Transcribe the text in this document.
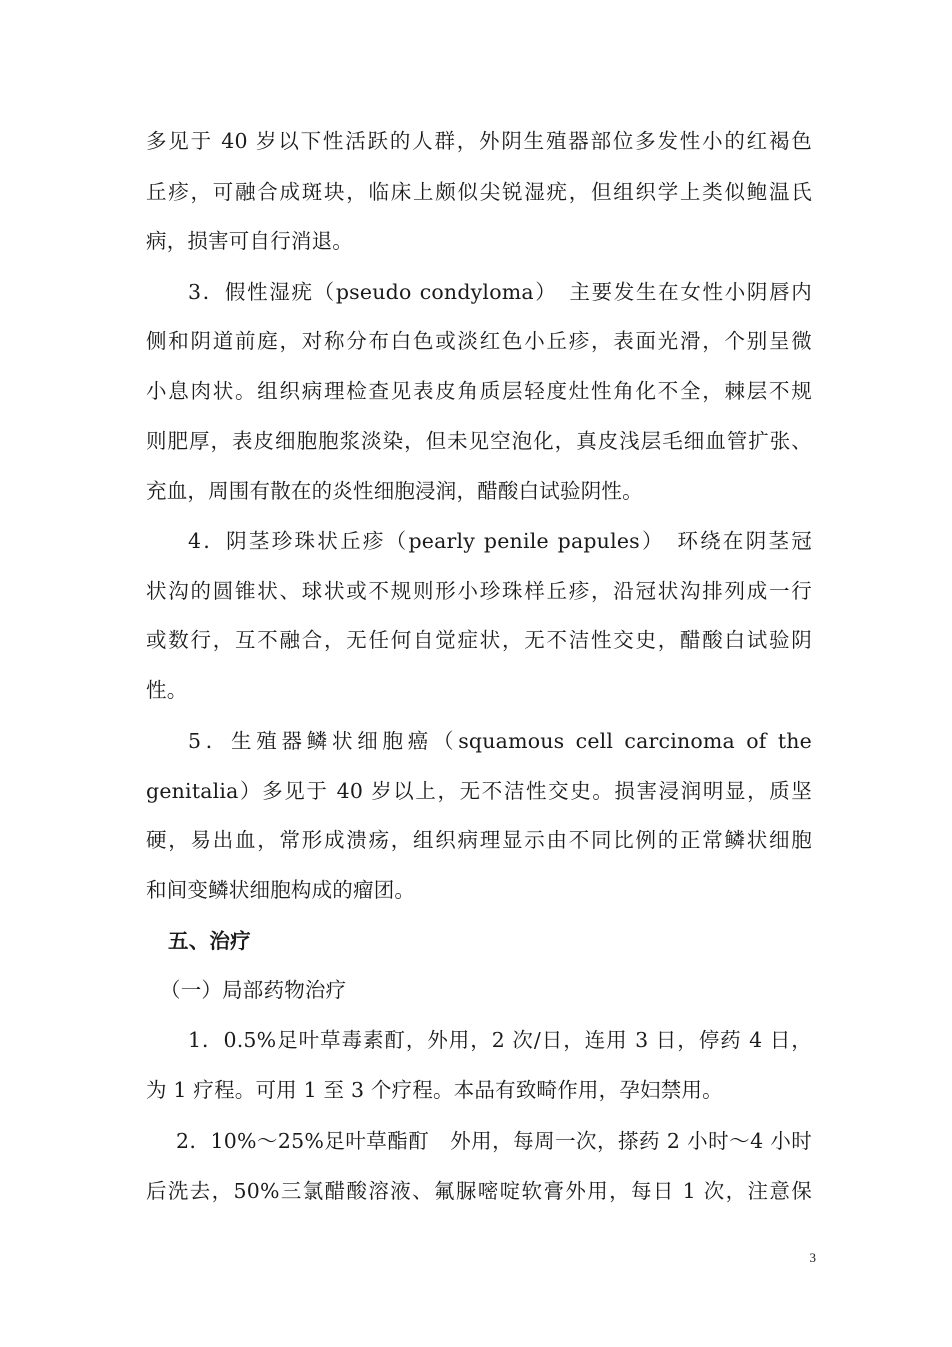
多见于 40 岁以下性活跃的人群，外阴生殖器部位多发性小的红褐色
丘疹，可融合成斑块，临床上颇似尖锐湿疣，但组织学上类似鲍温氏
病，损害可自行消退。
3．假性湿疣（pseudo condyloma）　主要发生在女性小阴唇内
侧和阴道前庭，对称分布白色或淡红色小丘疹，表面光滑，个别呈微
小息肉状。组织病理检查见表皮角质层轻度灶性角化不全，棘层不规
则肥厚，表皮细胞胞浆淡染，但未见空泡化，真皮浅层毛细血管扩张、
充血，周围有散在的炎性细胞浸润，醋酸白试验阴性。
4．阴茎珍珠状丘疹（pearly penile papules）　环绕在阴茎冠
状沟的圆锥状、球状或不规则形小珍珠样丘疹，沿冠状沟排列成一行
或数行，互不融合，无任何自觉症状，无不洁性交史，醋酸白试验阴
性。
5．生殖器鳞状细胞癌（squamous cell carcinoma of the
genitalia）多见于 40 岁以上，无不洁性交史。损害浸润明显，质坚
硬，易出血，常形成溃疡，组织病理显示由不同比例的正常鳞状细胞
和间变鳞状细胞构成的瘤团。
五、治疗
（一）局部药物治疗
1．0.5%足叶草毒素酊，外用，2 次/日，连用 3 日，停药 4 日，
为 1 疗程。可用 1 至 3 个疗程。本品有致畸作用，孕妇禁用。
2．10%～25%足叶草酯酊　外用，每周一次，搽药 2 小时～4 小时
后洗去，50%三氯醋酸溶液、氟脲嘧啶软膏外用，每日 1 次，注意保
3
